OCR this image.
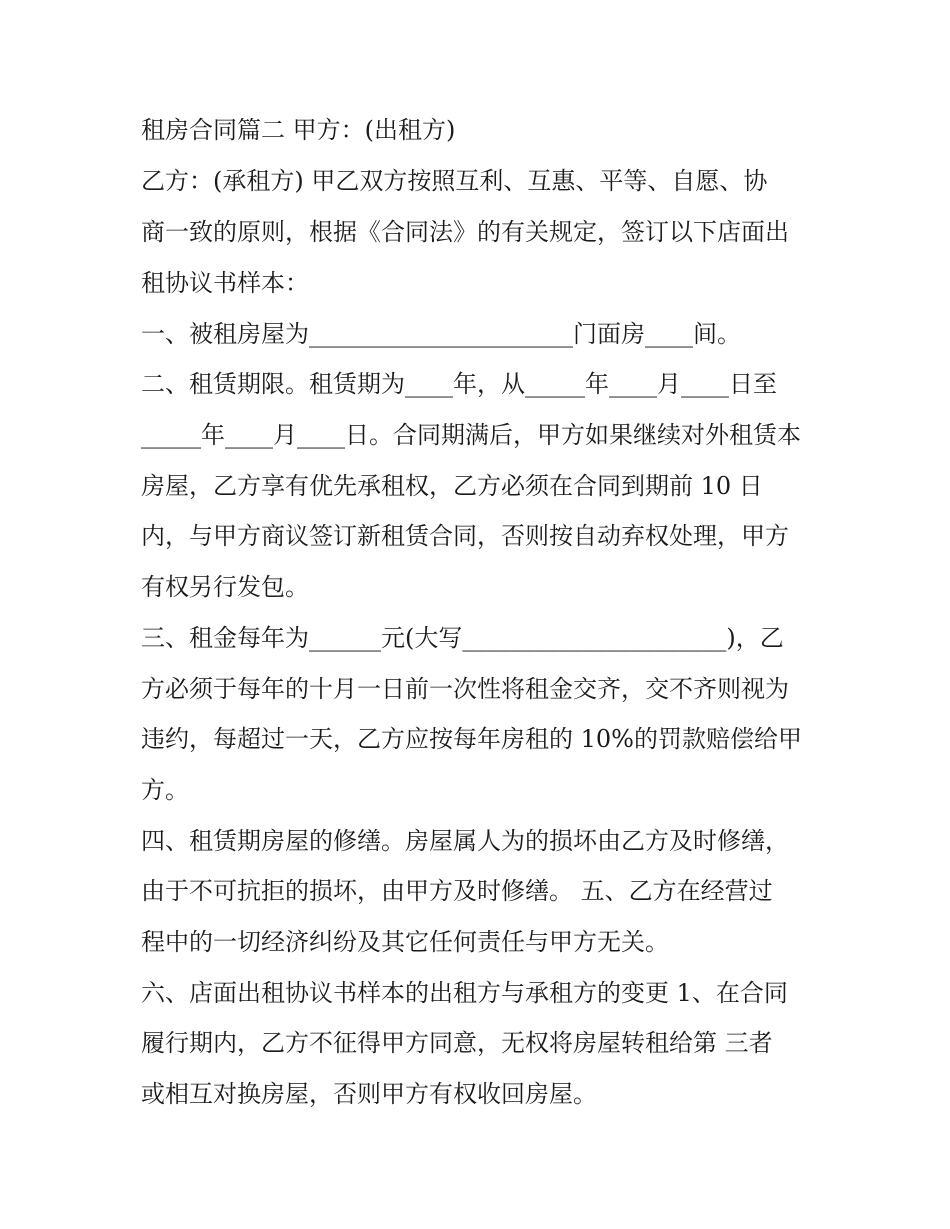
租房合同篇二 甲方：(出租方)
乙方：(承租方) 甲乙双方按照互利、互惠、平等、自愿、协
商一致的原则，根据《合同法》的有关规定，签订以下店面出
租协议书样本：
一、被租房屋为______________________门面房____间。
二、租赁期限。租赁期为____年，从_____年____月____日至
_____年____月____日。合同期满后，甲方如果继续对外租赁本
房屋，乙方享有优先承租权，乙方必须在合同到期前 10 日
内，与甲方商议签订新租赁合同，否则按自动弃权处理，甲方
有权另行发包。
三、租金每年为______元(大写______________________)，乙
方必须于每年的十月一日前一次性将租金交齐，交不齐则视为
违约，每超过一天，乙方应按每年房租的 10%的罚款赔偿给甲
方。
四、租赁期房屋的修缮。房屋属人为的损坏由乙方及时修缮，
由于不可抗拒的损坏，由甲方及时修缮。 五、乙方在经营过
程中的一切经济纠纷及其它任何责任与甲方无关。
六、店面出租协议书样本的出租方与承租方的变更 1、在合同
履行期内，乙方不征得甲方同意，无权将房屋转租给第 三者
或相互对换房屋，否则甲方有权收回房屋。
